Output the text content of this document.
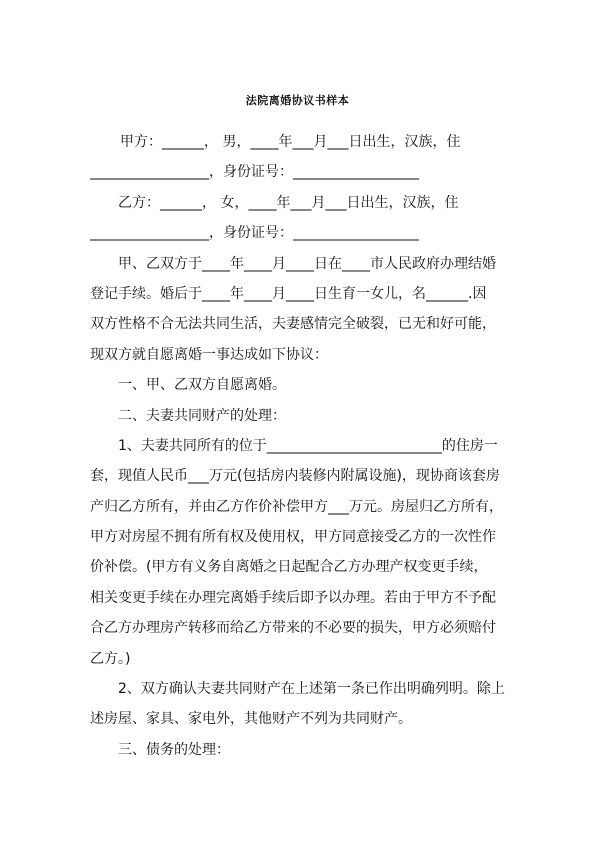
法院离婚协议书样本
甲方：______， 男，____年___月___日出生，汉族，住
_________________，身份证号：__________________
乙方：______， 女，____年___月___日出生，汉族，住
_________________，身份证号：__________________
甲、乙双方于____年____月____日在____市人民政府办理结婚
登记手续。婚后于____年____月____日生育一女儿，名______.因
双方性格不合无法共同生活，夫妻感情完全破裂，已无和好可能，
现双方就自愿离婚一事达成如下协议：
一、甲、乙双方自愿离婚。
二、夫妻共同财产的处理：
1、夫妻共同所有的位于_________________________的住房一
套，现值人民币___万元(包括房内装修内附属设施)，现协商该套房
产归乙方所有，并由乙方作价补偿甲方___万元。房屋归乙方所有，
甲方对房屋不拥有所有权及使用权，甲方同意接受乙方的一次性作
价补偿。(甲方有义务自离婚之日起配合乙方办理产权变更手续，
相关变更手续在办理完离婚手续后即予以办理。若由于甲方不予配
合乙方办理房产转移而给乙方带来的不必要的损失，甲方必须赔付
乙方。)
2、双方确认夫妻共同财产在上述第一条已作出明确列明。除上
述房屋、家具、家电外，其他财产不列为共同财产。
三、债务的处理：
